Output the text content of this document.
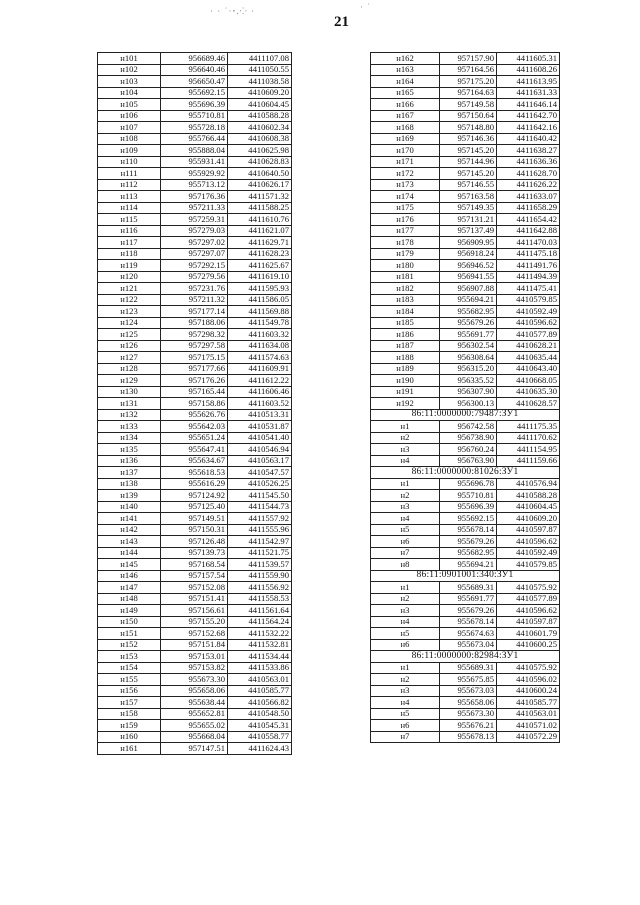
· · ˙·ꞏ.⁘ ·	· ˙
21
н101	956689.46	4411107.08
н102	956640.46	4411050.55
н103	956650.47	4411038.58
н104	955692.15	4410609.20
н105	955696.39	4410604.45
н106	955710.81	4410588.28
н107	955728.18	4410602.34
н108	955766.44	4410608.38
н109	955888.04	4410625.98
н110	955931.41	4410628.83
н111	955929.92	4410640.50
н112	955713.12	4410626.17
н113	957176.36	4411571.32
н114	957211.33	4411588.25
н115	957259.31	4411610.76
н116	957279.03	4411621.07
н117	957297.02	4411629.71
н118	957297.07	4411628.23
н119	957292.15	4411625.67
н120	957279.56	4411619.10
н121	957231.76	4411595.93
н122	957211.32	4411586.05
н123	957177.14	4411569.88
н124	957188.06	4411549.78
н125	957298.32	4411603.32
н126	957297.58	4411634.08
н127	957175.15	4411574.63
н128	957177.66	4411609.91
н129	957176.26	4411612.22
н130	957165.44	4411606.46
н131	957158.86	4411603.52
н132	955626.76	4410513.31
н133	955642.03	4410531.87
н134	955651.24	4410541.40
н135	955647.41	4410546.94
н136	955634.67	4410563.17
н137	955618.53	4410547.57
н138	955616.29	4410526.25
н139	957124.92	4411545.50
н140	957125.40	4411544.73
н141	957149.51	4411557.92
н142	957150.31	4411555.96
н143	957126.48	4411542.97
н144	957139.73	4411521.75
н145	957168.54	4411539.57
н146	957157.54	4411559.90
н147	957152.08	4411556.92
н148	957151.41	4411558.53
н149	957156.61	4411561.64
н150	957155.20	4411564.24
н151	957152.68	4411532.22
н152	957151.84	4411532.81
н153	957153.01	4411534.44
н154	957153.82	4411533.86
н155	955673.30	4410563.01
н156	955658.06	4410585.77
н157	955638.44	4410566.82
н158	955652.81	4410548.50
н159	955655.02	4410545.31
н160	955668.04	4410558.77
н161	957147.51	4411624.43
н162	957157.90	4411605.31
н163	957164.56	4411608.26
н164	957175.20	4411613.95
н165	957164.63	4411631.33
н166	957149.58	4411646.14
н167	957150.64	4411642.70
н168	957148.80	4411642.16
н169	957146.36	4411640.42
н170	957145.20	4411638.27
н171	957144.96	4411636.36
н172	957145.20	4411628.70
н173	957146.55	4411626.22
н174	957163.58	4411633.07
н175	957149.35	4411658.29
н176	957131.21	4411654.42
н177	957137.49	4411642.88
н178	956909.95	4411470.03
н179	956918.24	4411475.18
н180	956946.52	4411491.76
н181	956941.55	4411494.39
н182	956907.88	4411475.41
н183	955694.21	4410579.85
н184	955682.95	4410592.49
н185	955679.26	4410596.62
н186	955691.77	4410577.89
н187	956302.54	4410628.21
н188	956308.64	4410635.44
н189	956315.20	4410643.40
н190	956335.52	4410668.05
н191	956307.90	4410635.30
н192	956300.13	4410628.57
86:11:0000000:79487:ЗУ1		
н1	956742.58	4411175.35
н2	956738.90	4411170.62
н3	956760.24	4411154.95
н4	956763.90	4411159.66
86:11:0000000:81026:ЗУ1		
н1	955696.78	4410576.94
н2	955710.81	4410588.28
н3	955696.39	4410604.45
н4	955692.15	4410609.20
н5	955678.14	4410597.87
н6	955679.26	4410596.62
н7	955682.95	4410592.49
н8	955694.21	4410579.85
86:11:0901001:340:ЗУ1		
н1	955689.31	4410575.92
н2	955691.77	4410577.89
н3	955679.26	4410596.62
н4	955678.14	4410597.87
н5	955674.63	4410601.79
н6	955673.04	4410600.25
86:11:0000000:82984:ЗУ1		
н1	955689.31	4410575.92
н2	955675.85	4410596.02
н3	955673.03	4410600.24
н4	955658.06	4410585.77
н5	955673.30	4410563.01
н6	955676.21	4410571.02
н7	955678.13	4410572.29
